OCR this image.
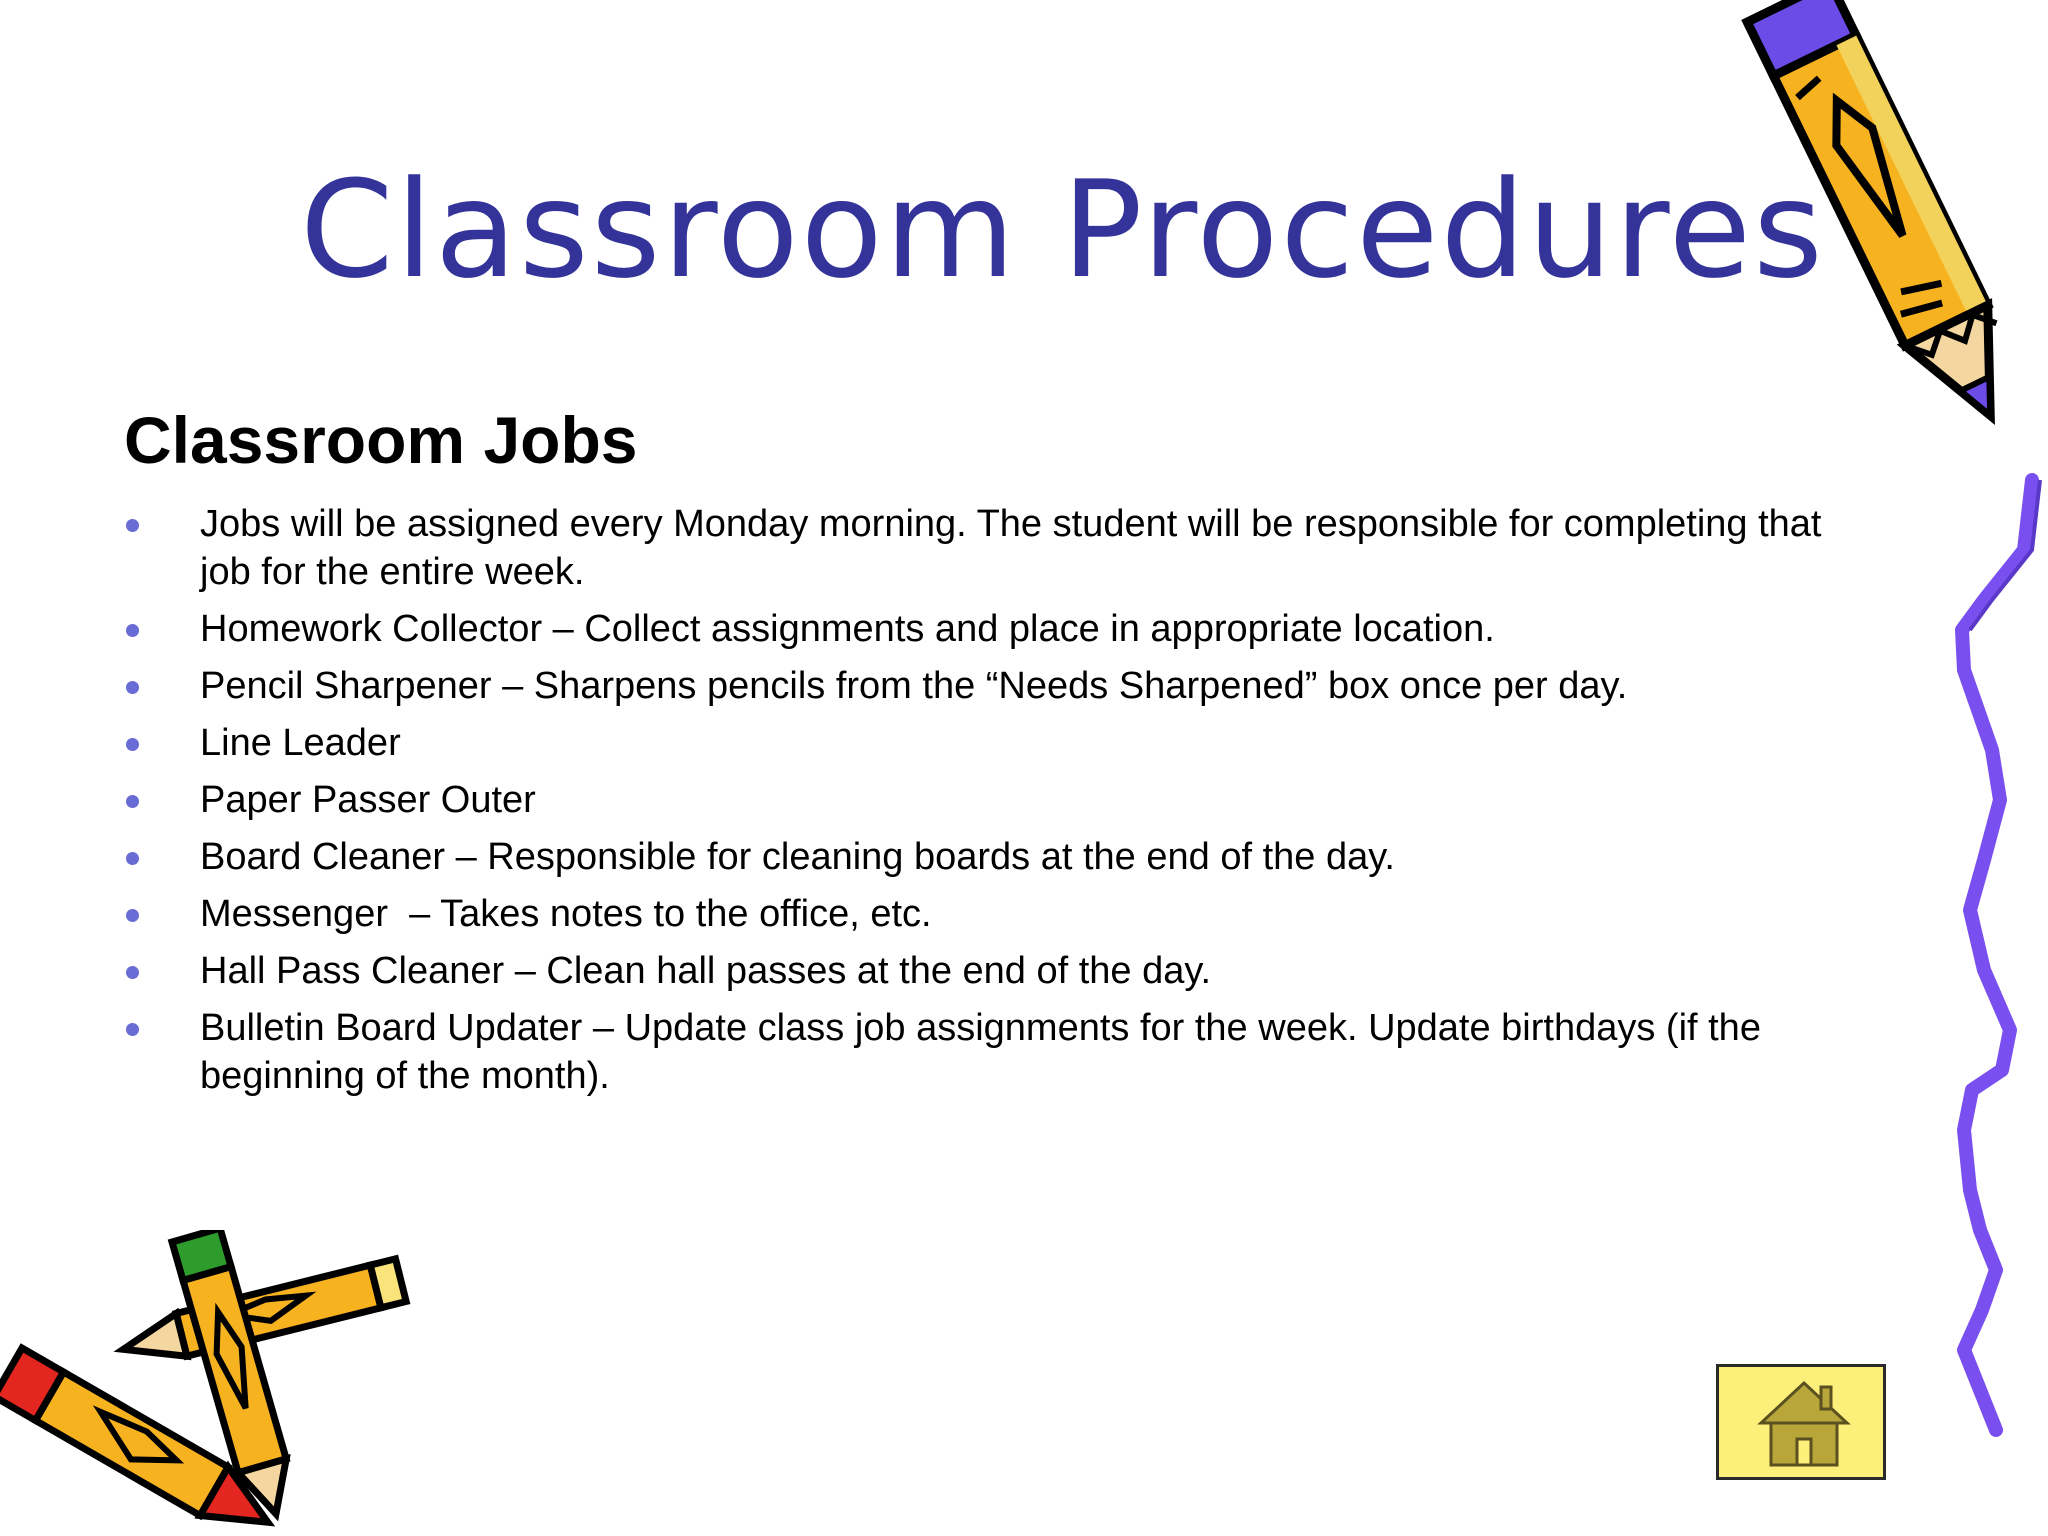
Classroom Procedures
Classroom Jobs
Jobs will be assigned every Monday morning. The student will be responsible for completing that job for the entire week.
Homework Collector – Collect assignments and place in appropriate location.
Pencil Sharpener – Sharpens pencils from the “Needs Sharpened” box once per day.
Line Leader
Paper Passer Outer
Board Cleaner – Responsible for cleaning boards at the end of the day.
Messenger  – Takes notes to the office, etc.
Hall Pass Cleaner – Clean hall passes at the end of the day.
Bulletin Board Updater – Update class job assignments for the week. Update birthdays (if the beginning of the month).
